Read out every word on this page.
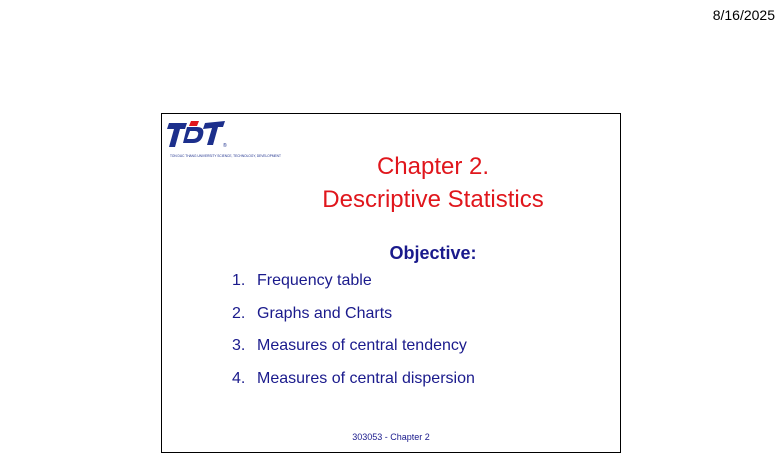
8/16/2025
®
TON DUC THANG UNIVERSITY SCIENCE, TECHNOLOGY, DEVELOPMENT	Chapter 2.
Descriptive Statistics
Objective:
1. Frequency table
2. Graphs and Charts
3. Measures of central tendency
4. Measures of central dispersion
303053 - Chapter 2
